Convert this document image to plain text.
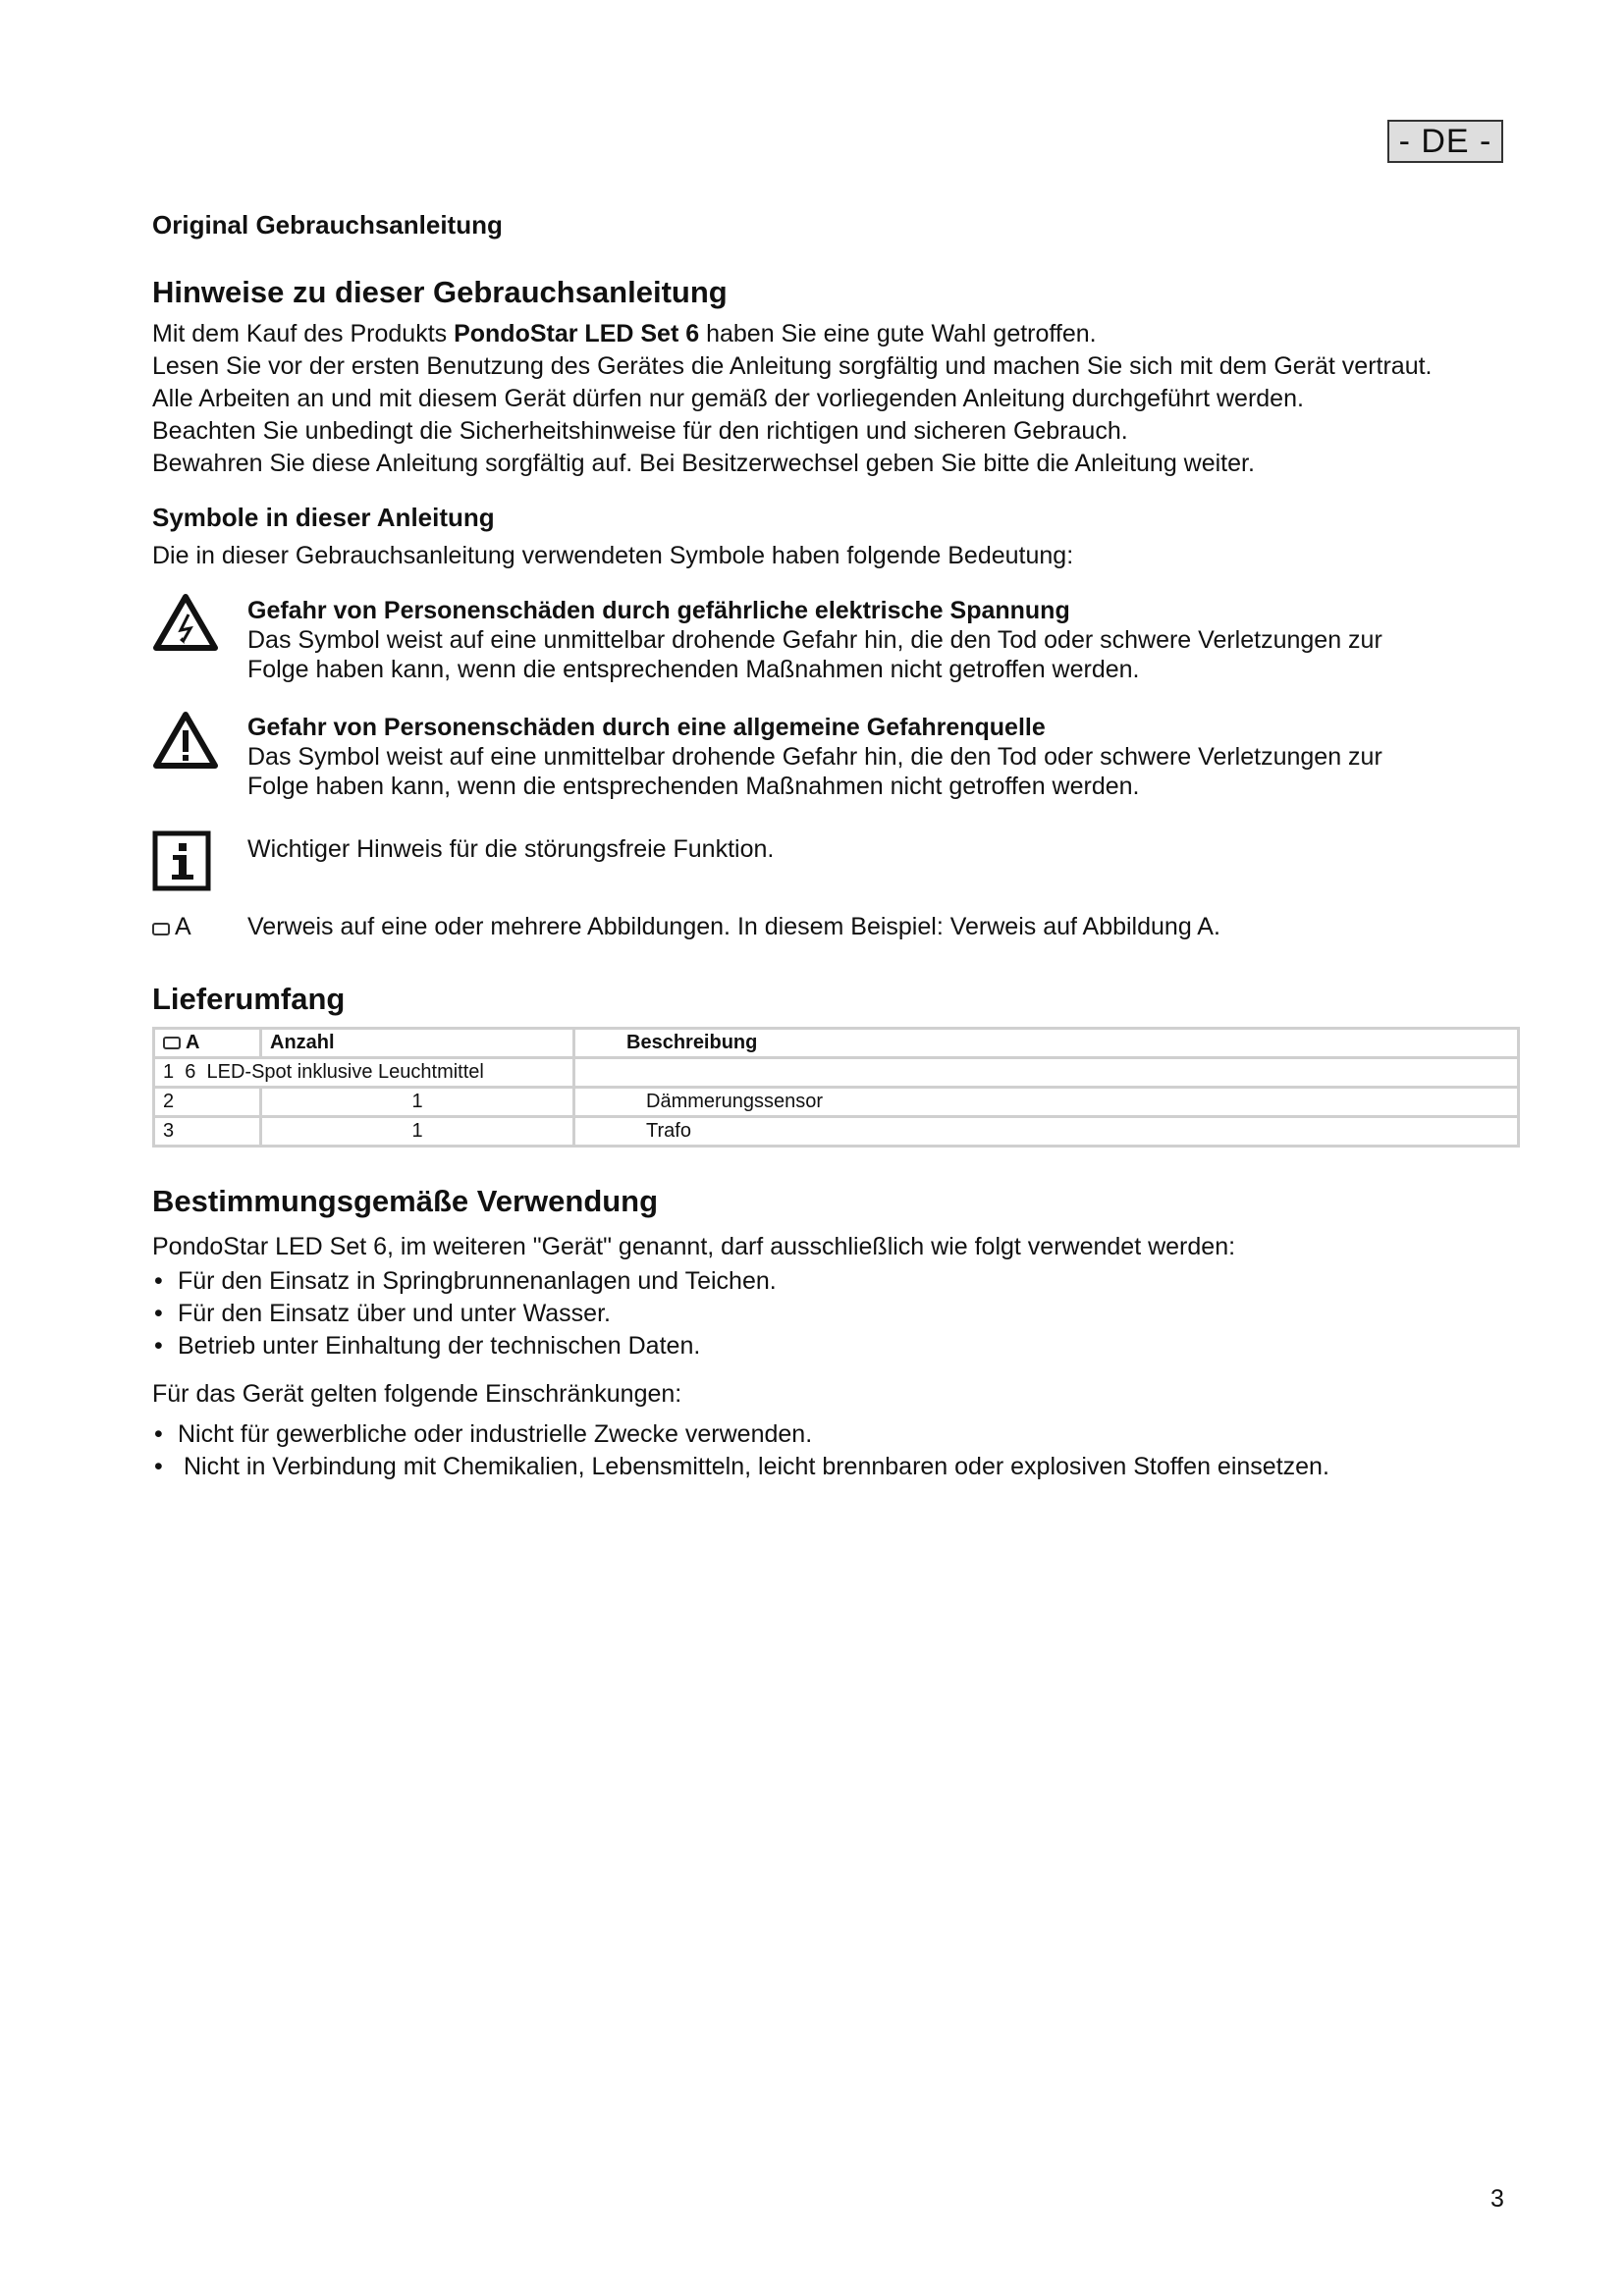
- DE -
Original Gebrauchsanleitung
Hinweise zu dieser Gebrauchsanleitung

Mit dem Kauf des Produkts PondoStar LED Set 6 haben Sie eine gute Wahl getroffen.

Lesen Sie vor der ersten Benutzung des Gerätes die Anleitung sorgfältig und machen Sie sich mit dem Gerät vertraut.

Alle Arbeiten an und mit diesem Gerät dürfen nur gemäß der vorliegenden Anleitung durchgeführt werden.

Beachten Sie unbedingt die Sicherheitshinweise für den richtigen und sicheren Gebrauch.

Bewahren Sie diese Anleitung sorgfältig auf. Bei Besitzerwechsel geben Sie bitte die Anleitung weiter.

Symbole in dieser Anleitung
Die in dieser Gebrauchsanleitung verwendeten Symbole haben folgende Bedeutung:
Gefahr von Personenschäden durch gefährliche elektrische Spannung
Das Symbol weist auf eine unmittelbar drohende Gefahr hin, die den Tod oder schwere Verletzungen zur
Folge haben kann, wenn die entsprechenden Maßnahmen nicht getroffen werden.
Gefahr von Personenschäden durch eine allgemeine Gefahrenquelle
Das Symbol weist auf eine unmittelbar drohende Gefahr hin, die den Tod oder schwere Verletzungen zur
Folge haben kann, wenn die entsprechenden Maßnahmen nicht getroffen werden.
Wichtiger Hinweis für die störungsfreie Funktion.
A Verweis auf eine oder mehrere Abbildungen. In diesem Beispiel: Verweis auf Abbildung A.
Lieferumfang
A	Anzahl	Beschreibung
1 6 LED-Spot inklusive Leuchtmittel		
2	1	Dämmerungssensor
3	1	Trafo
Bestimmungsgemäße Verwendung

PondoStar LED Set 6, im weiteren "Gerät" genannt, darf ausschließlich wie folgt verwendet werden:

• Für den Einsatz in Springbrunnenanlagen und Teichen.
• Für den Einsatz über und unter Wasser.
• Betrieb unter Einhaltung der technischen Daten.

Für das Gerät gelten folgende Einschränkungen:

• Nicht für gewerbliche oder industrielle Zwecke verwenden.
• Nicht in Verbindung mit Chemikalien, Lebensmitteln, leicht brennbaren oder explosiven Stoffen einsetzen.
3
